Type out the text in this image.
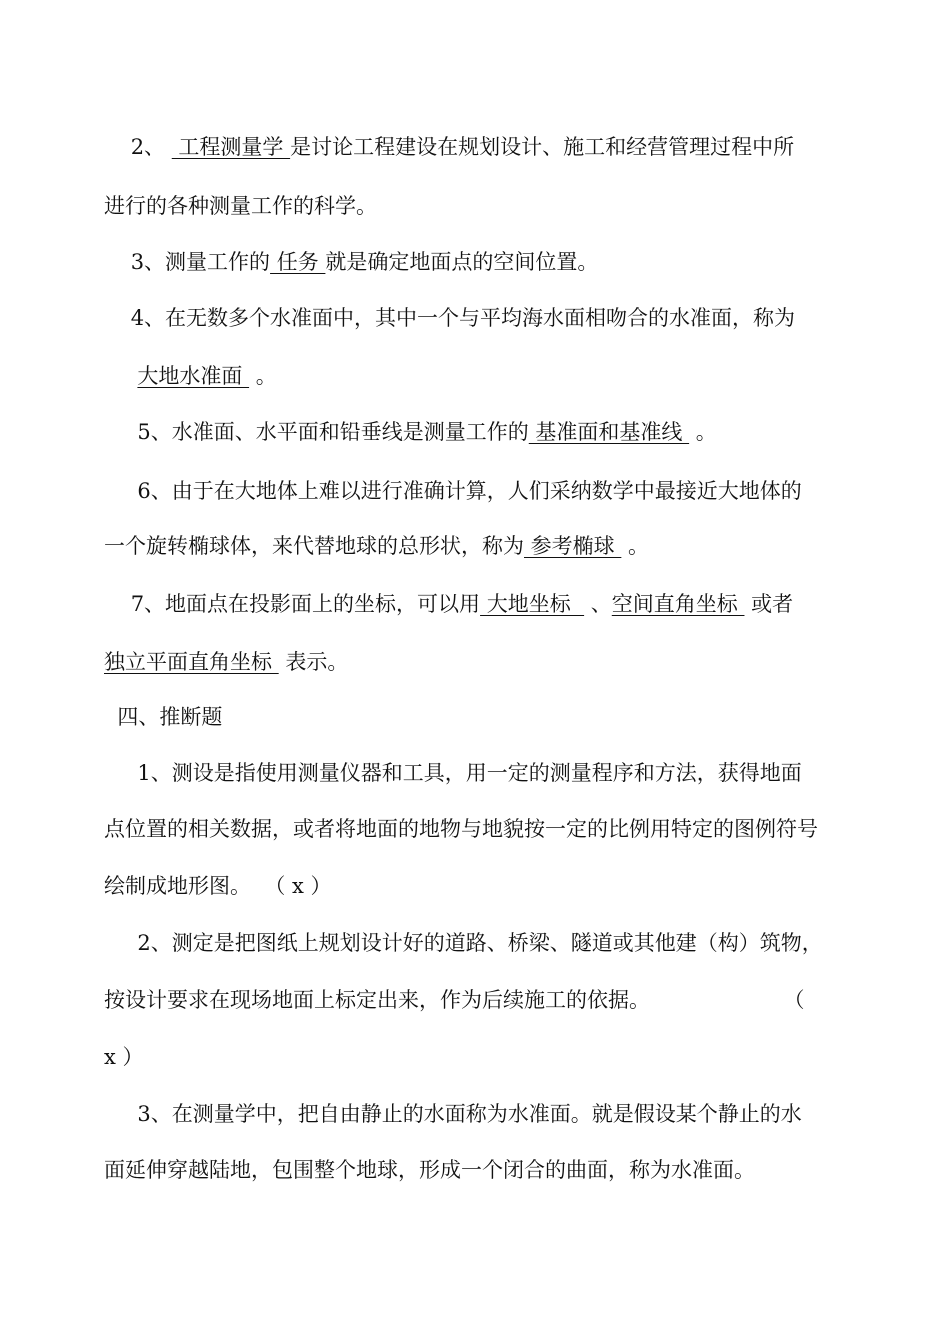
2、  工程测量学 是讨论工程建设在规划设计、施工和经营管理过程中所
进行的各种测量工作的科学。
3、测量工作的 任务 就是确定地面点的空间位置。
4、在无数多个水准面中，其中一个与平均海水面相吻合的水准面，称为
大地水准面  。
5、水准面、水平面和铅垂线是测量工作的 基准面和基准线  。
6、由于在大地体上难以进行准确计算，人们采纳数学中最接近大地体的
一个旋转椭球体，来代替地球的总形状，称为 参考椭球  。
7、地面点在投影面上的坐标，可以用 大地坐标   、空间直角坐标  或者
独立平面直角坐标  表示。
四、推断题
1、测设是指使用测量仪器和工具，用一定的测量程序和方法，获得地面
点位置的相关数据，或者将地面的地物与地貌按一定的比例用特定的图例符号
绘制成地形图。  （ x ）
2、测定是把图纸上规划设计好的道路、桥梁、隧道或其他建（构）筑物，
按设计要求在现场地面上标定出来，作为后续施工的依据。                    （
x ）
3、在测量学中，把自由静止的水面称为水准面。就是假设某个静止的水
面延伸穿越陆地，包围整个地球，形成一个闭合的曲面，称为水准面。
